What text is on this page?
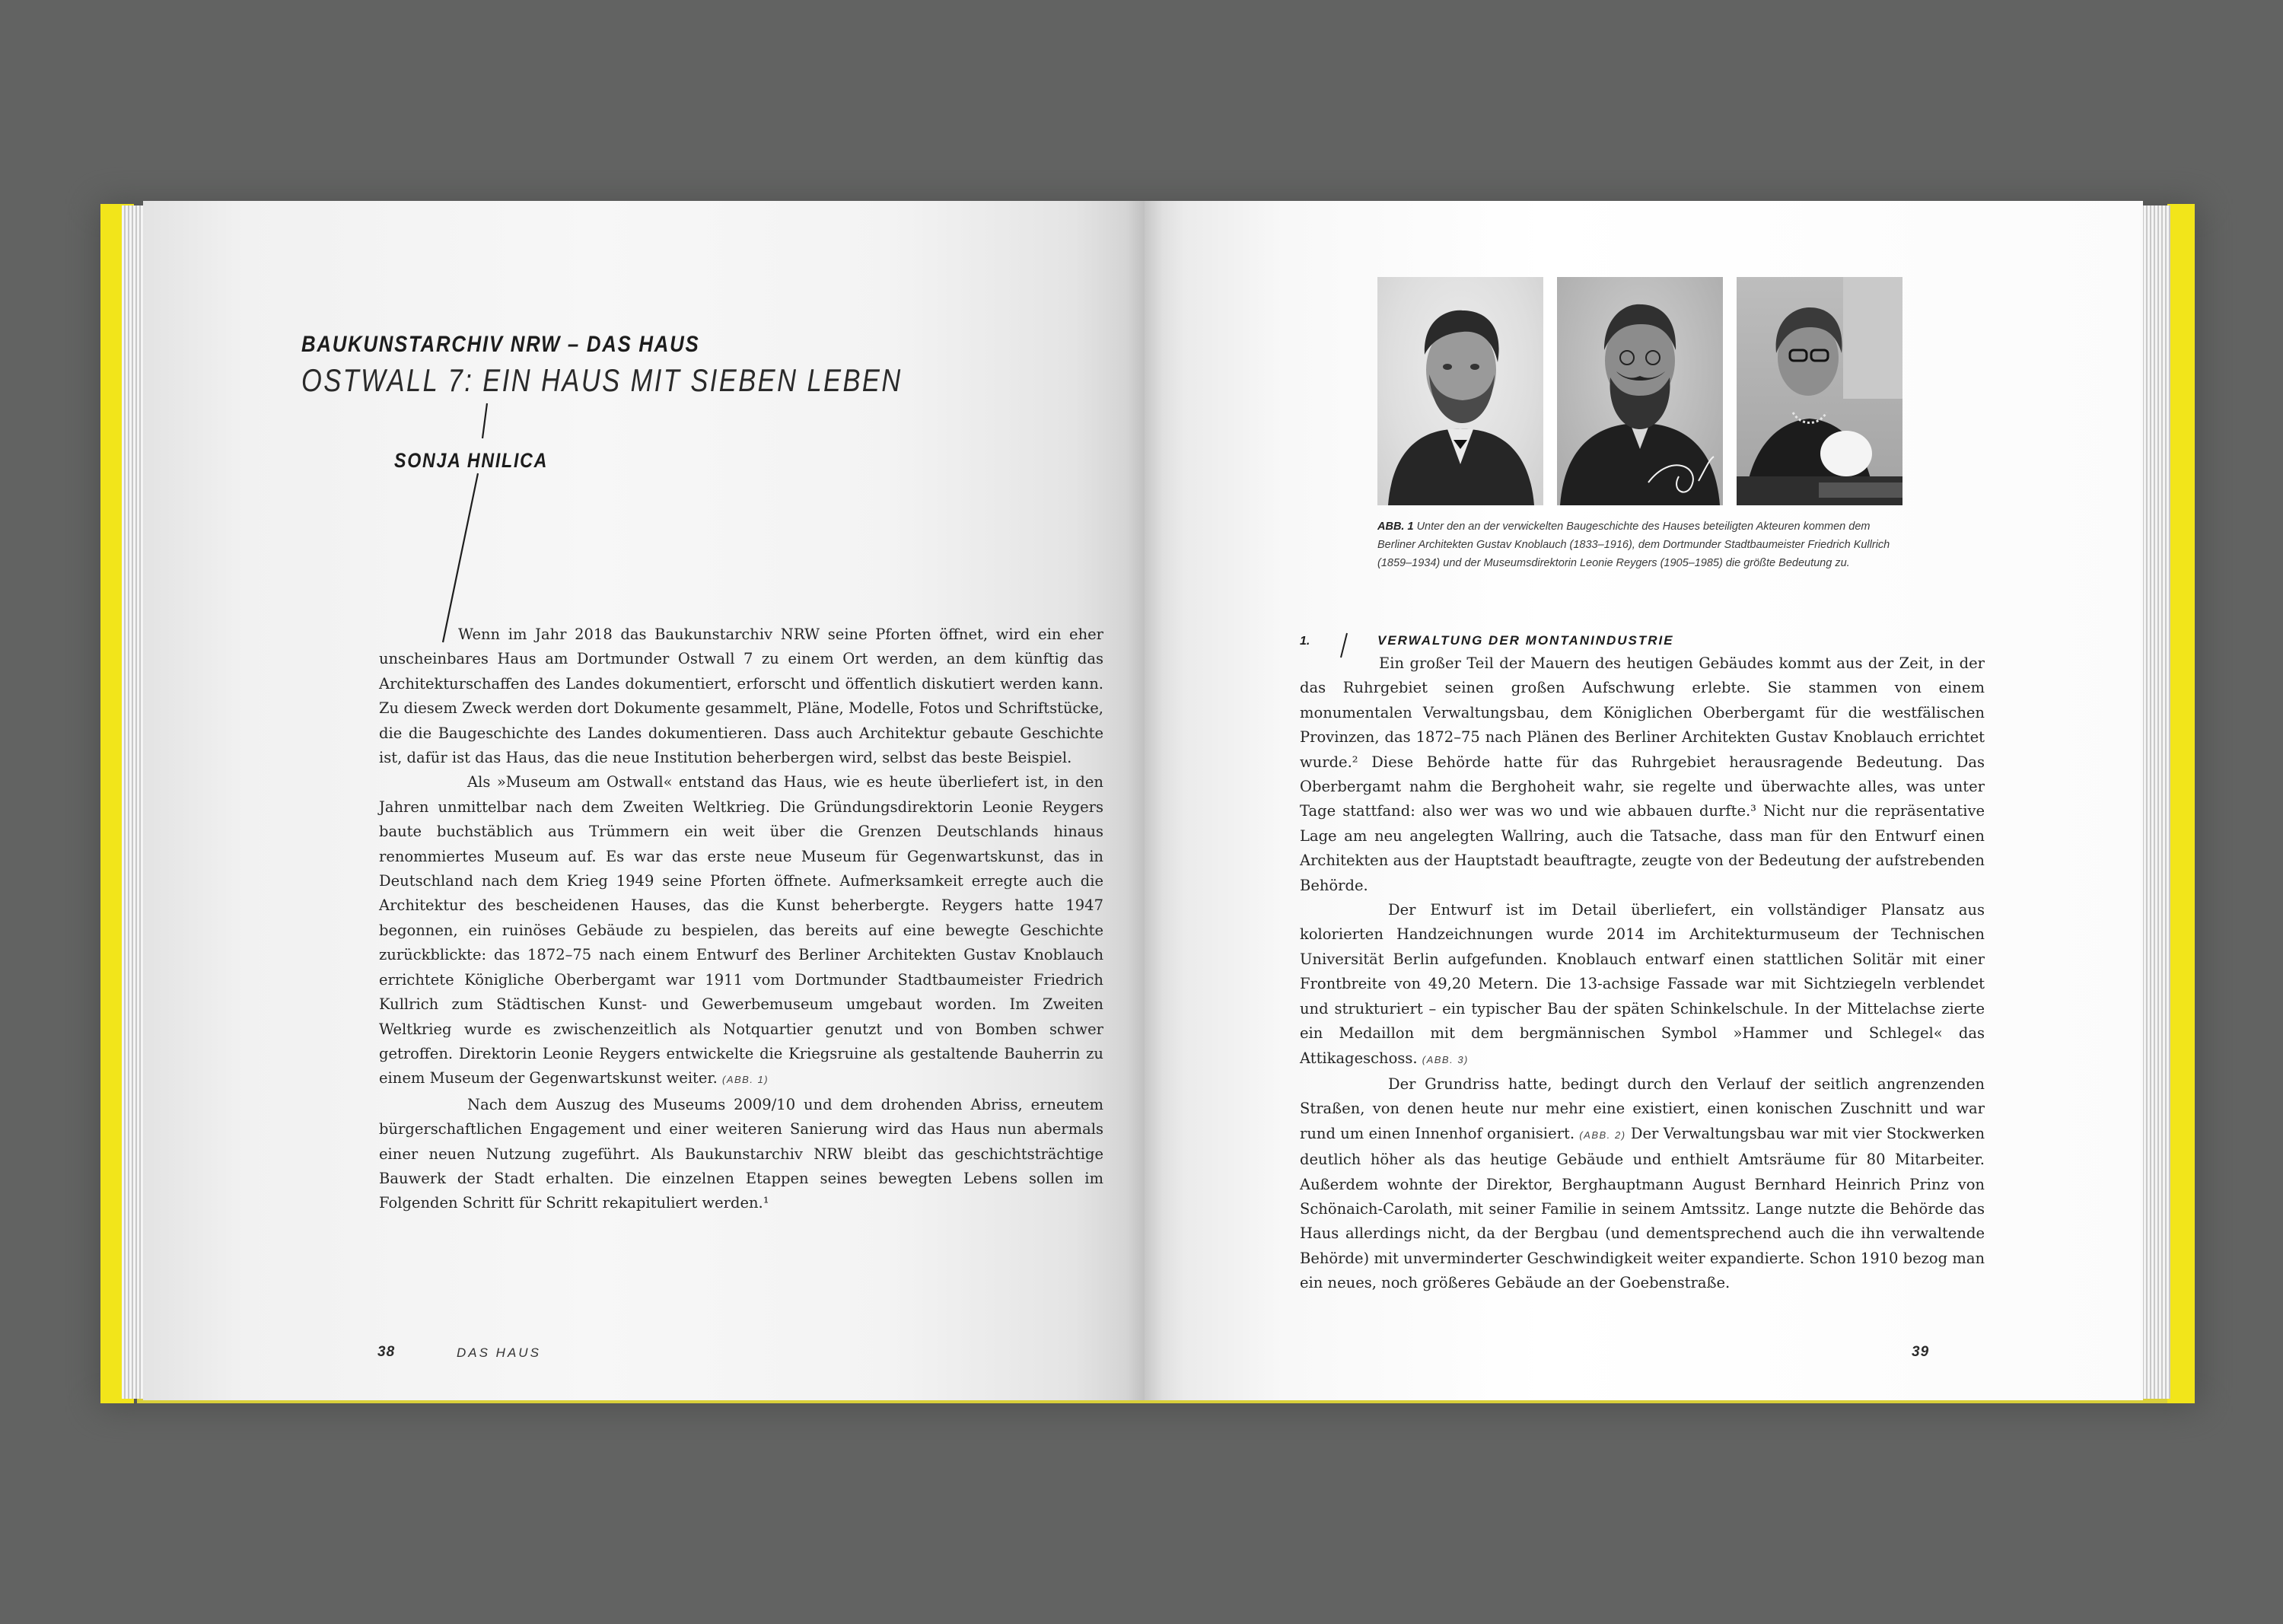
BAUKUNSTARCHIV NRW – DAS HAUS
OSTWALL 7: EIN HAUS MIT SIEBEN LEBEN
SONJA HNILICA

Wenn im Jahr 2018 das Baukunstarchiv NRW seine Pforten öffnet, wird ein eher unscheinbares Haus am Dortmunder Ostwall 7 zu einem Ort werden, an dem künftig das Architekturschaffen des Landes dokumentiert, erforscht und öffentlich diskutiert werden kann. Zu diesem Zweck werden dort Dokumente gesammelt, Pläne, Modelle, Fotos und Schriftstücke, die die Baugeschichte des Landes dokumentieren. Dass auch Architektur gebaute Geschichte ist, dafür ist das Haus, das die neue Institution beherbergen wird, selbst das beste Beispiel.

Als »Museum am Ostwall« entstand das Haus, wie es heute überliefert ist, in den Jahren unmittelbar nach dem Zweiten Weltkrieg. Die Gründungsdirektorin Leonie Reygers baute buchstäblich aus Trümmern ein weit über die Grenzen Deutschlands hinaus renommiertes Museum auf. Es war das erste neue Museum für Gegenwartskunst, das in Deutschland nach dem Krieg 1949 seine Pforten öffnete. Aufmerksamkeit erregte auch die Architektur des bescheidenen Hauses, das die Kunst beherbergte. Reygers hatte 1947 begonnen, ein ruinöses Gebäude zu bespielen, das bereits auf eine bewegte Geschichte zurückblickte: das 1872–75 nach einem Entwurf des Berliner Architekten Gustav Knoblauch errichtete Königliche Oberbergamt war 1911 vom Dortmunder Stadtbaumeister Friedrich Kullrich zum Städtischen Kunst- und Gewerbemuseum umgebaut worden. Im Zweiten Weltkrieg wurde es zwischenzeitlich als Notquartier genutzt und von Bomben schwer getroffen. Direktorin Leonie Reygers entwickelte die Kriegsruine als gestaltende Bauherrin zu einem Museum der Gegenwartskunst weiter. (ABB. 1)

Nach dem Auszug des Museums 2009/10 und dem drohenden Abriss, erneutem bürgerschaftlichen Engagement und einer weiteren Sanierung wird das Haus nun abermals einer neuen Nutzung zugeführt. Als Baukunstarchiv NRW bleibt das geschichtsträchtige Bauwerk der Stadt erhalten. Die einzelnen Etappen seines bewegten Lebens sollen im Folgenden Schritt für Schritt rekapituliert werden.¹

38	DAS HAUS
ABB. 1 Unter den an der verwickelten Baugeschichte des Hauses beteiligten Akteuren kommen dem Berliner Architekten Gustav Knoblauch (1833–1916), dem Dortmunder Stadtbaumeister Friedrich Kullrich (1859–1934) und der Museumsdirektorin Leonie Reygers (1905–1985) die größte Bedeutung zu.
1.	VERWALTUNG DER MONTANINDUSTRIE

Ein großer Teil der Mauern des heutigen Gebäudes kommt aus der Zeit, in der das Ruhrgebiet seinen großen Aufschwung erlebte. Sie stammen von einem monumentalen Verwaltungsbau, dem Königlichen Oberbergamt für die westfälischen Provinzen, das 1872–75 nach Plänen des Berliner Architekten Gustav Knoblauch errichtet wurde.² Diese Behörde hatte für das Ruhrgebiet herausragende Bedeutung. Das Oberbergamt nahm die Berghoheit wahr, sie regelte und überwachte alles, was unter Tage stattfand: also wer was wo und wie abbauen durfte.³ Nicht nur die repräsentative Lage am neu angelegten Wallring, auch die Tatsache, dass man für den Entwurf einen Architekten aus der Hauptstadt beauftragte, zeugte von der Bedeutung der aufstrebenden Behörde.

Der Entwurf ist im Detail überliefert, ein vollständiger Plansatz aus kolorierten Handzeichnungen wurde 2014 im Architekturmuseum der Technischen Universität Berlin aufgefunden. Knoblauch entwarf einen stattlichen Solitär mit einer Frontbreite von 49,20 Metern. Die 13-achsige Fassade war mit Sichtziegeln verblendet und strukturiert – ein typischer Bau der späten Schinkelschule. In der Mittelachse zierte ein Medaillon mit dem bergmännischen Symbol »Hammer und Schlegel« das Attikageschoss. (ABB. 3)

Der Grundriss hatte, bedingt durch den Verlauf der seitlich angrenzenden Straßen, von denen heute nur mehr eine existiert, einen konischen Zuschnitt und war rund um einen Innenhof organisiert. (ABB. 2) Der Verwaltungsbau war mit vier Stockwerken deutlich höher als das heutige Gebäude und enthielt Amtsräume für 80 Mitarbeiter. Außerdem wohnte der Direktor, Berghauptmann August Bernhard Heinrich Prinz von Schönaich-Carolath, mit seiner Familie in seinem Amtssitz. Lange nutzte die Behörde das Haus allerdings nicht, da der Bergbau (und dementsprechend auch die ihn verwaltende Behörde) mit unverminderter Geschwindigkeit weiter expandierte. Schon 1910 bezog man ein neues, noch größeres Gebäude an der Goebenstraße.

39
